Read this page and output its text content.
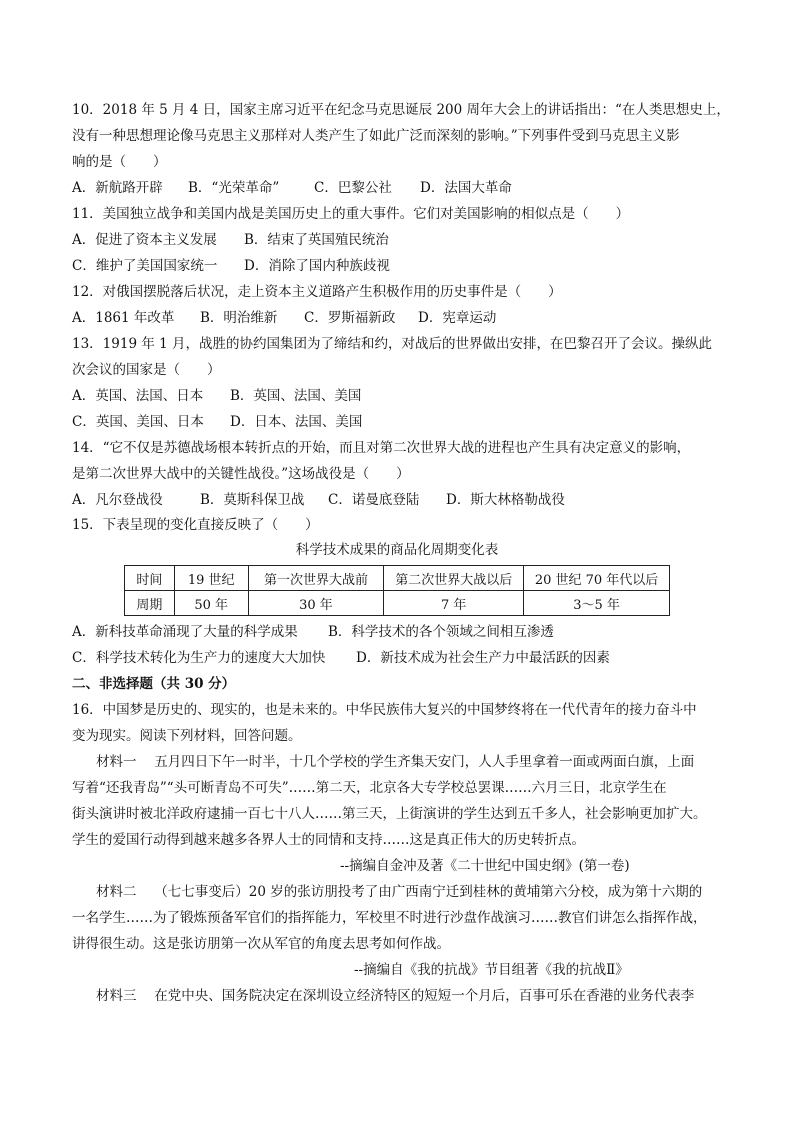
10．2018 年 5 月 4 日，国家主席习近平在纪念马克思诞辰 200 周年大会上的讲话指出：“在人类思想史上，
没有一种思想理论像马克思主义那样对人类产生了如此广泛而深刻的影响。”下列事件受到马克思主义影
响的是（　　）
A．新航路开辟 B．“光荣革命”	C．巴黎公社 D．法国大革命
11．美国独立战争和美国内战是美国历史上的重大事件。它们对美国影响的相似点是（　　）
A．促进了资本主义发展 B．结束了英国殖民统治
C．维护了美国国家统一 D．消除了国内种族歧视
12．对俄国摆脱落后状况，走上资本主义道路产生积极作用的历史事件是（　　）
A．1861 年改革 B．明治维新 C．罗斯福新政 D．宪章运动
13．1919 年 1 月，战胜的协约国集团为了缔结和约，对战后的世界做出安排，在巴黎召开了会议。操纵此
次会议的国家是（　　）
A．英国、法国、日本 B．英国、法国、美国
C．英国、美国、日本 D．日本、法国、美国
14．“它不仅是苏德战场根本转折点的开始，而且对第二次世界大战的进程也产生具有决定意义的影响，
是第二次世界大战中的关键性战役。”这场战役是（　　）
A．凡尔登战役	B．莫斯科保卫战 C．诺曼底登陆 D．斯大林格勒战役
15．下表呈现的变化直接反映了（　　）
科学技术成果的商品化周期变化表
时间	19 世纪	第一次世界大战前	第二次世界大战以后	20 世纪 70 年代以后
周期	50 年	30 年	7 年	3～5 年
A．新科技革命涌现了大量的科学成果 B．科学技术的各个领域之间相互渗透
C．科学技术转化为生产力的速度大大加快 D．新技术成为社会生产力中最活跃的因素
二、非选择题（共 30 分）
16．中国梦是历史的、现实的，也是未来的。中华民族伟大复兴的中国梦终将在一代代青年的接力奋斗中
变为现实。阅读下列材料，回答问题。
材料一　 五月四日下午一时半，十几个学校的学生齐集天安门，人人手里拿着一面或两面白旗，上面
写着“还我青岛”“头可断青岛不可失”……第二天，北京各大专学校总罢课……六月三日，北京学生在
街头演讲时被北洋政府逮捕一百七十八人……第三天，上街演讲的学生达到五千多人，社会影响更加扩大。
学生的爱国行动得到越来越多各界人士的同情和支持……这是真正伟大的历史转折点。
--摘编自金冲及著《二十世纪中国史纲》(第一卷)
材料二　 （七七事变后）20 岁的张访朋投考了由广西南宁迁到桂林的黄埔第六分校，成为第十六期的
一名学生……为了锻炼预备军官们的指挥能力，军校里不时进行沙盘作战演习……教官们讲怎么指挥作战，
讲得很生动。这是张访朋第一次从军官的角度去思考如何作战。
--摘编自《我的抗战》节目组著《我的抗战Ⅱ》
材料三　 在党中央、国务院决定在深圳设立经济特区的短短一个月后，百事可乐在香港的业务代表李
